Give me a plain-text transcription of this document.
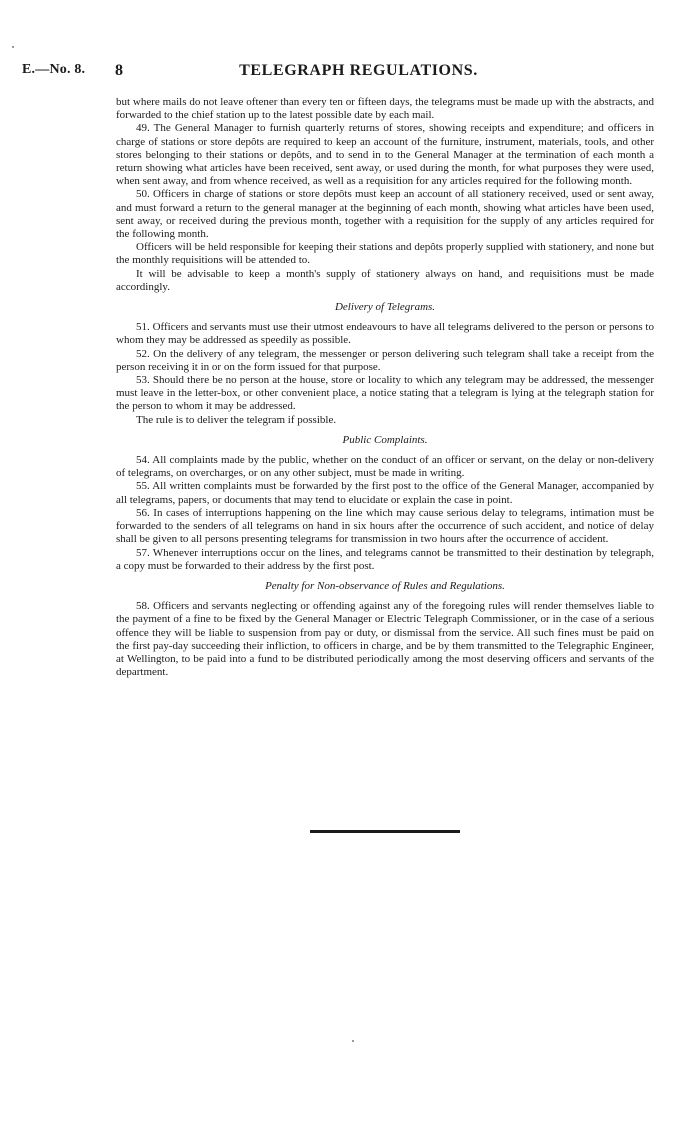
E.—No. 8. 8	TELEGRAPH REGULATIONS.

but where mails do not leave oftener than every ten or fifteen days, the telegrams must be made up with the abstracts, and forwarded to the chief station up to the latest possible date by each mail.

49. The General Manager to furnish quarterly returns of stores, showing receipts and expenditure; and officers in charge of stations or store depôts are required to keep an account of the furniture, instrument, materials, tools, and other stores belonging to their stations or depôts, and to send in to the General Manager at the termination of each month a return showing what articles have been received, sent away, or used during the month, for what purposes they were used, when sent away, and from whence received, as well as a requisition for any articles required for the following month.

50. Officers in charge of stations or store depôts must keep an account of all stationery received, used or sent away, and must forward a return to the general manager at the beginning of each month, showing what articles have been used, sent away, or received during the previous month, together with a requisition for the supply of any articles required for the following month.

Officers will be held responsible for keeping their stations and depôts properly supplied with stationery, and none but the monthly requisitions will be attended to.

It will be advisable to keep a month's supply of stationery always on hand, and requisitions must be made accordingly.

Delivery of Telegrams.

51. Officers and servants must use their utmost endeavours to have all telegrams delivered to the person or persons to whom they may be addressed as speedily as possible.

52. On the delivery of any telegram, the messenger or person delivering such telegram shall take a receipt from the person receiving it in or on the form issued for that purpose.

53. Should there be no person at the house, store or locality to which any telegram may be addressed, the messenger must leave in the letter-box, or other convenient place, a notice stating that a telegram is lying at the telegraph station for the person to whom it may be addressed.

The rule is to deliver the telegram if possible.

Public Complaints.

54. All complaints made by the public, whether on the conduct of an officer or servant, on the delay or non-delivery of telegrams, on overcharges, or on any other subject, must be made in writing.

55. All written complaints must be forwarded by the first post to the office of the General Manager, accompanied by all telegrams, papers, or documents that may tend to elucidate or explain the case in point.

56. In cases of interruptions happening on the line which may cause serious delay to telegrams, intimation must be forwarded to the senders of all telegrams on hand in six hours after the occurrence of such accident, and notice of delay shall be given to all persons presenting telegrams for transmission in two hours after the occurrence of accident.

57. Whenever interruptions occur on the lines, and telegrams cannot be transmitted to their destination by telegraph, a copy must be forwarded to their address by the first post.

Penalty for Non-observance of Rules and Regulations.

58. Officers and servants neglecting or offending against any of the foregoing rules will render themselves liable to the payment of a fine to be fixed by the General Manager or Electric Telegraph Commissioner, or in the case of a serious offence they will be liable to suspension from pay or duty, or dismissal from the service. All such fines must be paid on the first pay-day succeeding their infliction, to officers in charge, and be by them transmitted to the Telegraphic Engineer, at Wellington, to be paid into a fund to be distributed periodically among the most deserving officers and servants of the department.
